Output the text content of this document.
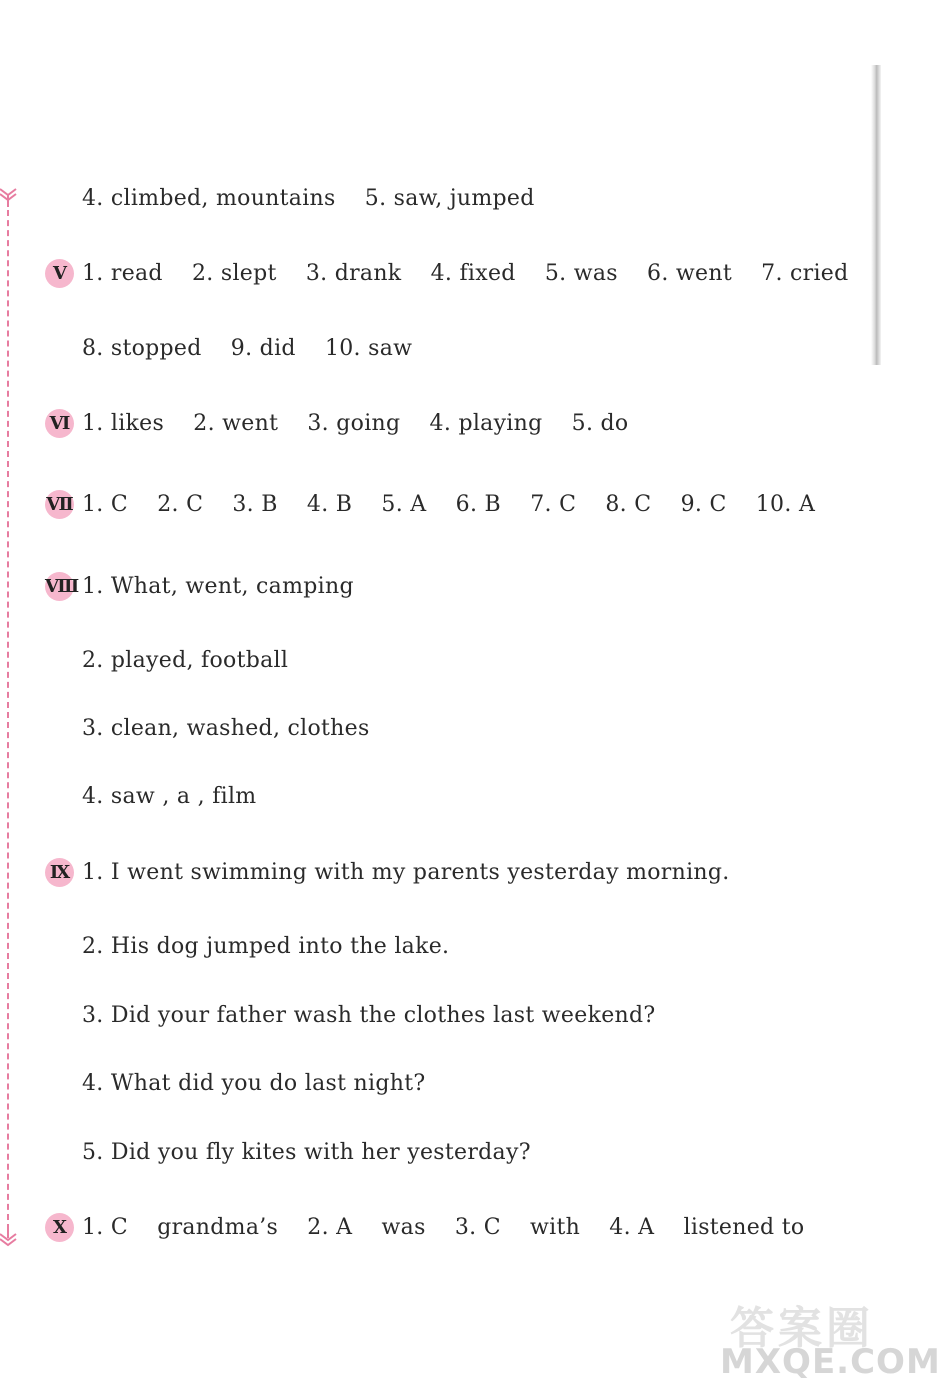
4. climbed, mountains    5. saw, jumped
Ⅴ 1. read    2. slept    3. drank    4. fixed    5. was    6. went    7. cried
8. stopped    9. did    10. saw
Ⅵ 1. likes    2. went    3. going    4. playing    5. do
Ⅶ 1. C    2. C    3. B    4. B    5. A    6. B    7. C    8. C    9. C    10. A
Ⅷ 1. What, went, camping
2. played, football
3. clean, washed, clothes
4. saw , a , film
Ⅸ 1. I went swimming with my parents yesterday morning.
2. His dog jumped into the lake.
3. Did your father wash the clothes last weekend?
4. What did you do last night?
5. Did you fly kites with her yesterday?
Ⅹ 1. C    grandma’s    2. A    was    3. C    with    4. A    listened to
答案圈
MXQE.COM
